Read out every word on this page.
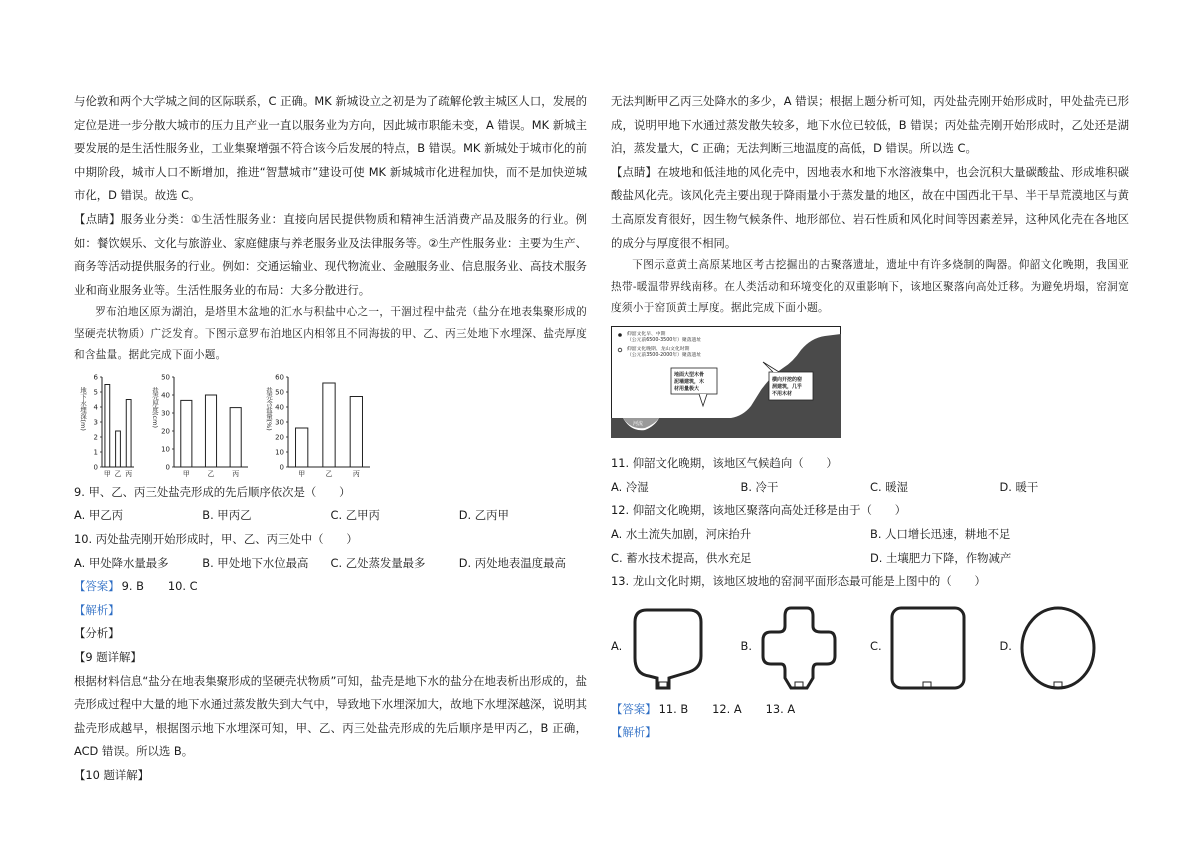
与伦敦和两个大学城之间的区际联系，C 正确。MK 新城设立之初是为了疏解伦敦主城区人口，发展的定位是进一步分散大城市的压力且产业一直以服务业为方向，因此城市职能未变，A 错误。MK 新城主要发展的是生活性服务业，工业集聚增强不符合该今后发展的特点，B 错误。MK 新城处于城市化的前中期阶段，城市人口不断增加，推进“智慧城市”建设可使 MK 新城城市化进程加快，而不是加快逆城市化，D 错误。故选 C。

【点睛】服务业分类：①生活性服务业：直接向居民提供物质和精神生活消费产品及服务的行业。例如：餐饮娱乐、文化与旅游业、家庭健康与养老服务业及法律服务等。②生产性服务业：主要为生产、商务等活动提供服务的行业。例如：交通运输业、现代物流业、金融服务业、信息服务业、高技术服务业和商业服务业等。生活性服务业的布局：大多分散进行。

罗布泊地区原为湖泊，是塔里木盆地的汇水与积盐中心之一，干涸过程中盐壳（盐分在地表集聚形成的坚硬壳状物质）广泛发育。下图示意罗布泊地区内相邻且不同海拔的甲、乙、丙三处地下水埋深、盐壳厚度和含盐量。据此完成下面小题。

0
1
2
3
4
5
6
地下水埋深(m)
甲 乙 丙
0
10
20
30
40
50
盐壳厚度(cm)
甲	乙	丙
0
10
20
30
40
50
60
盐壳含盐量(%)
甲	乙	丙

9. 甲、乙、丙三处盐壳形成的先后顺序依次是（　　）

A. 甲乙丙	B. 甲丙乙	C. 乙甲丙	D. 乙丙甲

10. 丙处盐壳刚开始形成时，甲、乙、丙三处中（　　）

A. 甲处降水量最多	B. 甲处地下水位最高	C. 乙处蒸发量最多	D. 丙处地表温度最高

【答案】 9. B 10. C

【解析】

【分析】

【9 题详解】

根据材料信息“盐分在地表集聚形成的坚硬壳状物质”可知，盐壳是地下水的盐分在地表析出形成的，盐壳形成过程中大量的地下水通过蒸发散失到大气中，导致地下水埋深加大，故地下水埋深越深，说明其盐壳形成越早，根据图示地下水埋深可知，甲、乙、丙三处盐壳形成的先后顺序是甲丙乙，B 正确，ACD 错误。所以选 B。

【10 题详解】

无法判断甲乙丙三处降水的多少，A 错误；根据上题分析可知，丙处盐壳刚开始形成时，甲处盐壳已形成，说明甲地下水通过蒸发散失较多，地下水位已较低，B 错误；丙处盐壳刚开始形成时，乙处还是湖泊，蒸发量大，C 正确；无法判断三地温度的高低，D 错误。所以选 C。

【点睛】在坡地和低洼地的风化壳中，因地表水和地下水溶液集中，也会沉积大量碳酸盐、形成堆积碳酸盐风化壳。该风化壳主要出现于降雨量小于蒸发量的地区，故在中国西北干旱、半干旱荒漠地区与黄土高原发育很好，因生物气候条件、地形部位、岩石性质和风化时间等因素差异，这种风化壳在各地区的成分与厚度很不相同。

下图示意黄土高原某地区考古挖掘出的古聚落遗址，遗址中有许多烧制的陶器。仰韶文化晚期，我国亚热带-暖温带界线南移。在人类活动和环境变化的双重影响下，该地区聚落向高处迁移。为避免坍塌，窑洞宽度须小于窑顶黄土厚度。据此完成下面小题。

仰韶文化早、中期
（公元前6500-3500年）聚落遗址
仰韶文化晚期、龙山文化时期
（公元前3500-2000年）聚落遗址
地面大型木骨
泥墙建筑，木
材用量极大
横向开挖的窑
洞建筑，几乎
不用木材
河流

11. 仰韶文化晚期，该地区气候趋向（　　）

A. 冷湿	B. 冷干	C. 暖湿	D. 暖干

12. 仰韶文化晚期，该地区聚落向高处迁移是由于（　　）

A. 水土流失加剧，河床抬升	B. 人口增长迅速，耕地不足
C. 蓄水技术提高，供水充足	D. 土壤肥力下降，作物减产

13. 龙山文化时期，该地区坡地的窑洞平面形态最可能是上图中的（　　）

A.	B.	C.	D.

【答案】 11. B 12. A 13. A

【解析】
